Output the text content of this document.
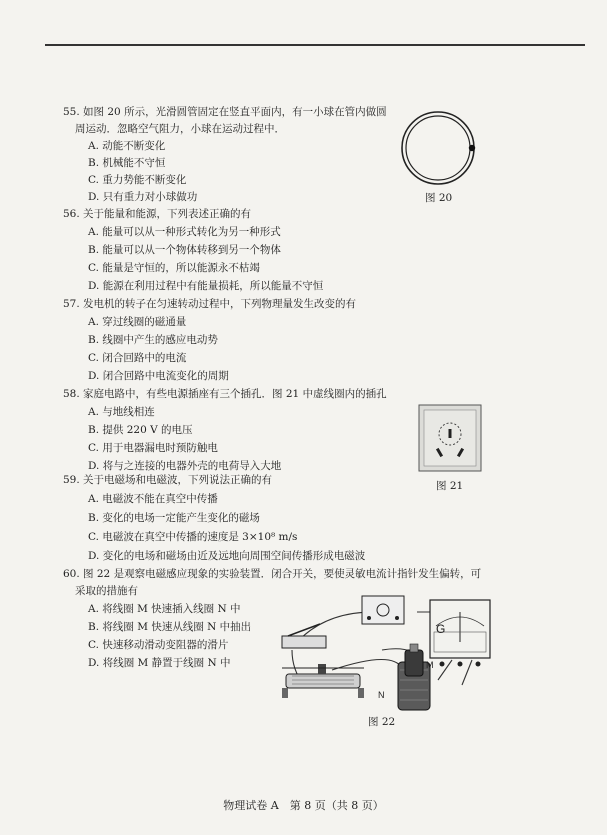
55. 如图 20 所示，光滑圆管固定在竖直平面内，有一小球在管内做圆
周运动．忽略空气阻力，小球在运动过程中．
A. 动能不断变化
B. 机械能不守恒
C. 重力势能不断变化
D. 只有重力对小球做功	图 20
56. 关于能量和能源，下列表述正确的有
A. 能量可以从一种形式转化为另一种形式
B. 能量可以从一个物体转移到另一个物体
C. 能量是守恒的，所以能源永不枯竭
D. 能源在利用过程中有能量损耗，所以能量不守恒
57. 发电机的转子在匀速转动过程中，下列物理量发生改变的有
A. 穿过线圈的磁通量
B. 线圈中产生的感应电动势
C. 闭合回路中的电流
D. 闭合回路中电流变化的周期
58. 家庭电路中，有些电源插座有三个插孔．图 21 中虚线圈内的插孔
A. 与地线相连
B. 提供 220 V 的电压
C. 用于电器漏电时预防触电
D. 将与之连接的电器外壳的电荷导入大地
图 21
59. 关于电磁场和电磁波，下列说法正确的有
A. 电磁波不能在真空中传播
B. 变化的电场一定能产生变化的磁场
C. 电磁波在真空中传播的速度是 3×10⁸ m/s
D. 变化的电场和磁场由近及远地向周围空间传播形成电磁波
60. 图 22 是观察电磁感应现象的实验装置．闭合开关，要使灵敏电流计指针发生偏转，可
采取的措施有
A. 将线圈 M 快速插入线圈 N 中
B. 将线圈 M 快速从线圈 N 中抽出
C. 快速移动滑动变阻器的滑片
D. 将线圈 M 静置于线圈 N 中
G
M
N
图 22
物理试卷 A　第 8 页（共 8 页）
